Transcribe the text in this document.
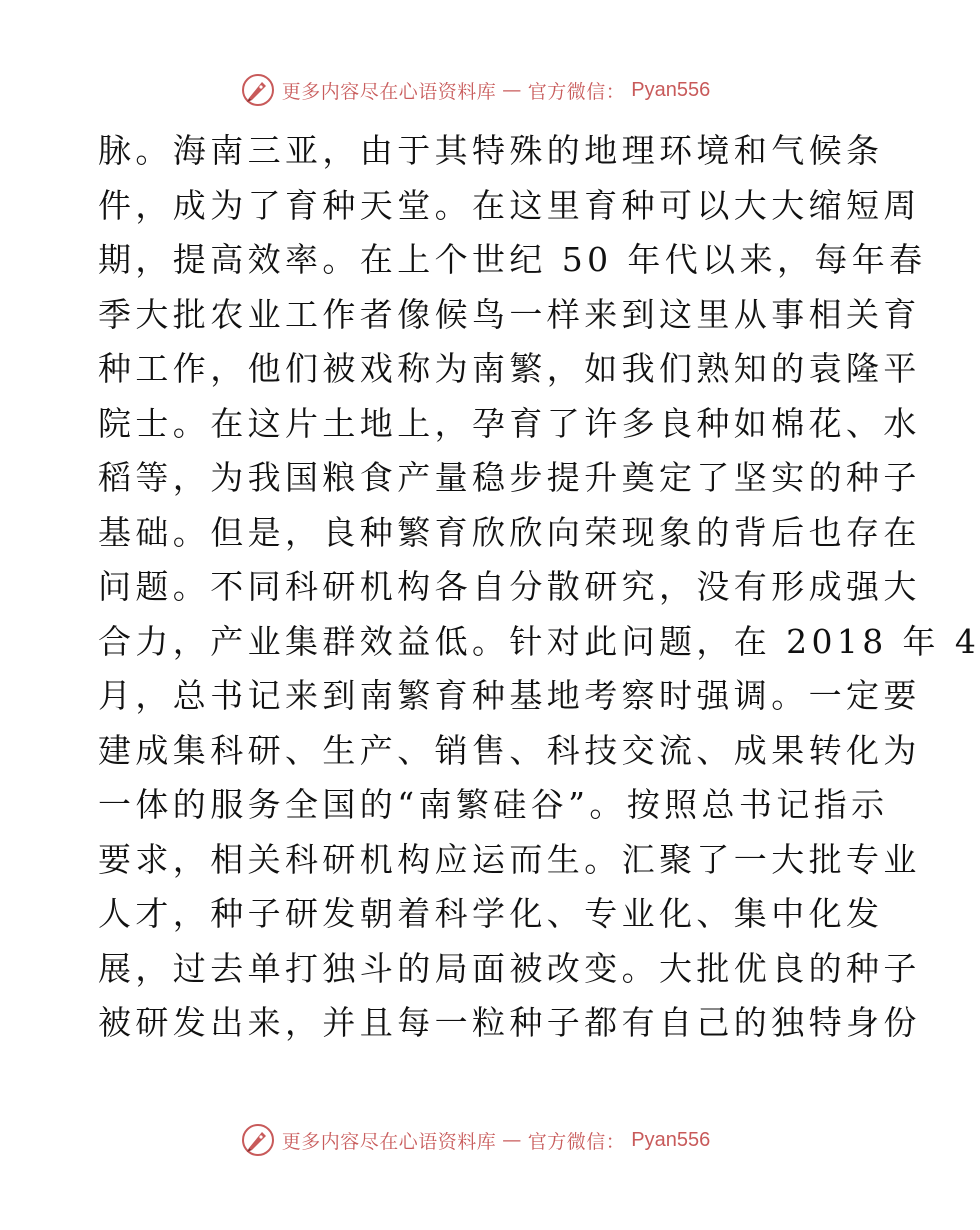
更多内容尽在心语资料库 — 官方微信： Pyan556
脉。海南三亚，由于其特殊的地理环境和气候条
件，成为了育种天堂。在这里育种可以大大缩短周
期，提高效率。在上个世纪 50 年代以来，每年春
季大批农业工作者像候鸟一样来到这里从事相关育
种工作，他们被戏称为南繁，如我们熟知的袁隆平
院士。在这片土地上，孕育了许多良种如棉花、水
稻等，为我国粮食产量稳步提升奠定了坚实的种子
基础。但是，良种繁育欣欣向荣现象的背后也存在
问题。不同科研机构各自分散研究，没有形成强大
合力，产业集群效益低。针对此问题，在 2018 年 4
月，总书记来到南繁育种基地考察时强调。一定要
建成集科研、生产、销售、科技交流、成果转化为
一体的服务全国的“南繁硅谷”。按照总书记指示
要求，相关科研机构应运而生。汇聚了一大批专业
人才，种子研发朝着科学化、专业化、集中化发
展，过去单打独斗的局面被改变。大批优良的种子
被研发出来，并且每一粒种子都有自己的独特身份
更多内容尽在心语资料库 — 官方微信： Pyan556
